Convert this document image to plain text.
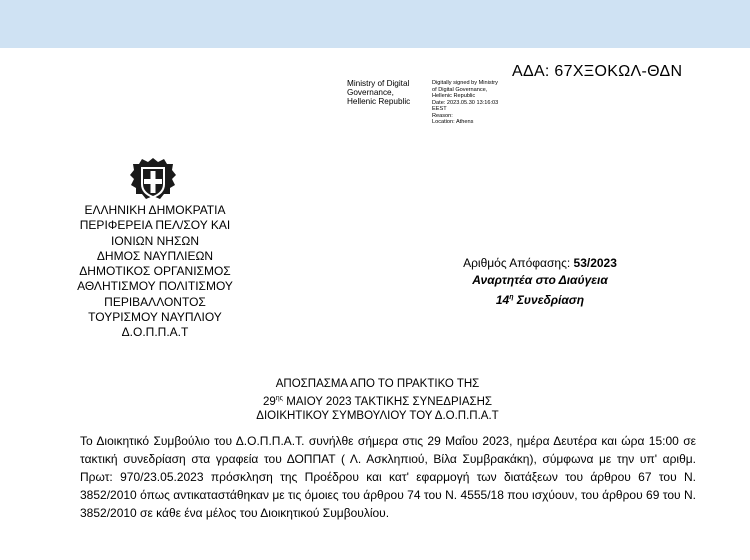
ΑΔΑ: 67ΧΞΟΚΩΛ-ΘΔΝ
Ministry of Digital
Governance,
Hellenic Republic
Digitally signed by Ministry
of Digital Governance,
Hellenic Republic
Date: 2023.05.30 13:16:03
EEST
Reason:
Location: Athens
ΕΛΛΗΝΙΚΗ ΔΗΜΟΚΡΑΤΙΑ
ΠΕΡΙΦΕΡΕΙΑ ΠΕΛ/ΣΟΥ ΚΑΙ
ΙΟΝΙΩΝ ΝΗΣΩΝ
ΔΗΜΟΣ ΝΑΥΠΛΙΕΩΝ
ΔΗΜΟΤΙΚΟΣ ΟΡΓΑΝΙΣΜΟΣ
ΑΘΛΗΤΙΣΜΟΥ ΠΟΛΙΤΙΣΜΟΥ
ΠΕΡΙΒΑΛΛΟΝΤΟΣ
ΤΟΥΡΙΣΜΟΥ ΝΑΥΠΛΙΟΥ
Δ.Ο.Π.Π.Α.Τ
Αριθμός Απόφασης: 53/2023
Αναρτητέα στο Διαύγεια
$14^\eta$ Συνεδρίαση
ΑΠΟΣΠΑΣΜΑ ΑΠΟ ΤΟ ΠΡΑΚΤΙΚΟ ΤΗΣ
$29^{\eta\varsigma}$ ΜΑΙΟΥ 2023 ΤΑΚΤΙΚΗΣ ΣΥΝΕΔΡΙΑΣΗΣ
ΔΙΟΙΚΗΤΙΚΟΥ ΣΥΜΒΟΥΛΙΟΥ ΤΟΥ Δ.Ο.Π.Π.Α.Τ
Το Διοικητικό Συμβούλιο του Δ.Ο.Π.Π.Α.Τ. συνήλθε σήμερα στις 29 Μαΐου 2023, ημέρα Δευτέρα και ώρα 15:00 σε τακτική συνεδρίαση στα γραφεία του ΔΟΠΠΑΤ ( Λ. Ασκληπιού, Βίλα Συμβρακάκη), σύμφωνα με την υπ' αριθμ. Πρωτ: 970/23.05.2023 πρόσκληση της Προέδρου και κατ' εφαρμογή των διατάξεων του άρθρου 67 του Ν. 3852/2010 όπως αντικαταστάθηκαν με τις όμοιες του άρθρου 74 του Ν. 4555/18 που ισχύουν, του άρθρου 69 του Ν. 3852/2010 σε κάθε ένα μέλος του Διοικητικού Συμβουλίου.
